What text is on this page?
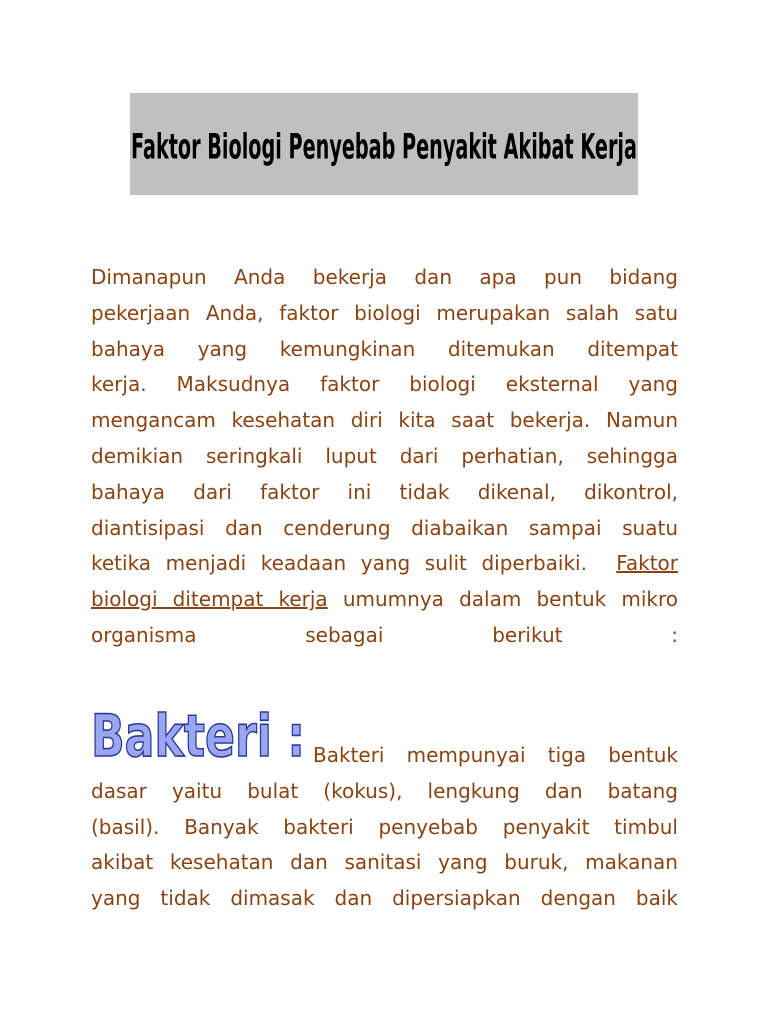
Faktor Biologi Penyebab Penyakit Akibat Kerja
Dimanapun Anda bekerja dan apa pun bidang
pekerjaan Anda, faktor biologi merupakan salah satu
bahaya yang kemungkinan ditemukan ditempat
kerja. Maksudnya faktor biologi eksternal yang
mengancam kesehatan diri kita saat bekerja. Namun
demikian seringkali luput dari perhatian, sehingga
bahaya dari faktor ini tidak dikenal, dikontrol,
diantisipasi dan cenderung diabaikan sampai suatu
ketika menjadi keadaan yang sulit diperbaiki. Faktor
biologi ditempat kerja umumnya dalam bentuk mikro
organisma sebagai berikut :
Bakteri : Bakteri mempunyai tiga bentuk
dasar yaitu bulat (kokus), lengkung dan batang
(basil). Banyak bakteri penyebab penyakit timbul
akibat kesehatan dan sanitasi yang buruk, makanan
yang tidak dimasak dan dipersiapkan dengan baik
